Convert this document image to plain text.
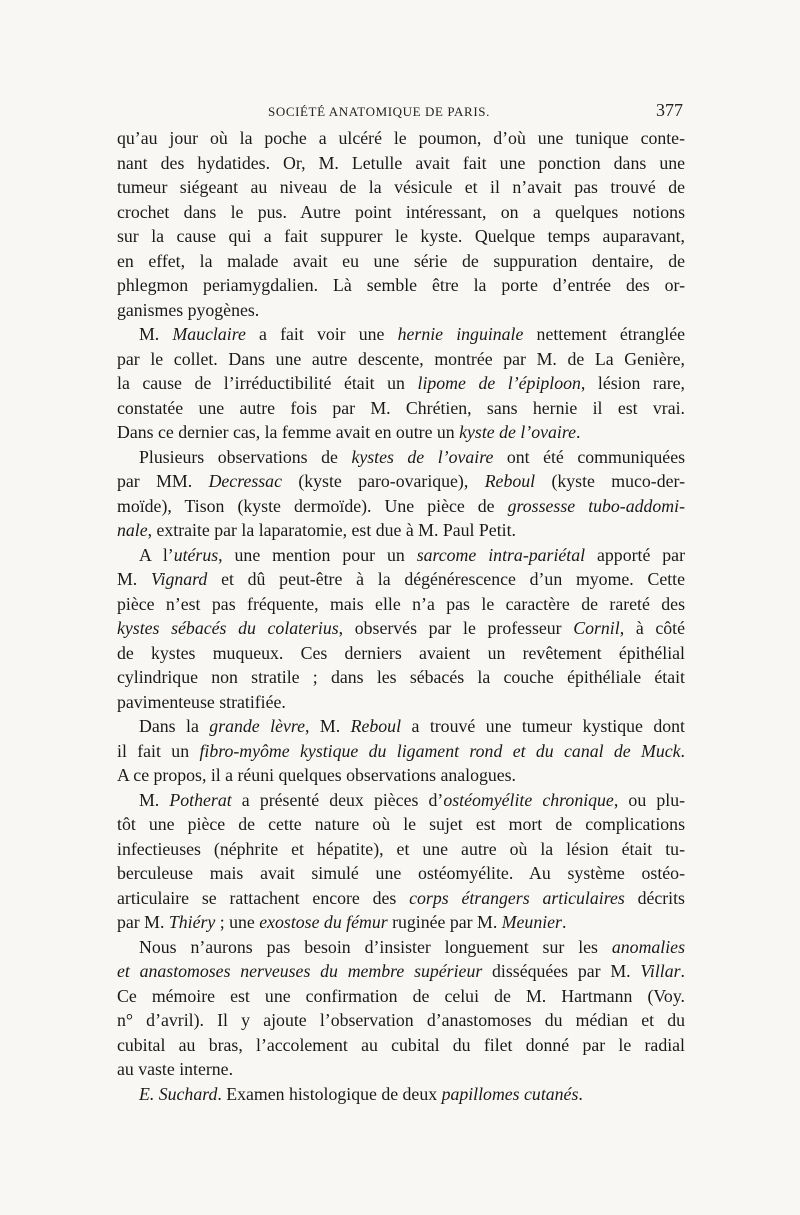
SOCIÉTÉ ANATOMIQUE DE PARIS.	377
qu’au jour où la poche a ulcéré le poumon, d’où une tunique conte-
nant des hydatides. Or, M. Letulle avait fait une ponction dans une
tumeur siégeant au niveau de la vésicule et il n’avait pas trouvé de
crochet dans le pus. Autre point intéressant, on a quelques notions
sur la cause qui a fait suppurer le kyste. Quelque temps auparavant,
en effet, la malade avait eu une série de suppuration dentaire, de
phlegmon periamygdalien. Là semble être la porte d’entrée des or-
ganismes pyogènes.
M. Mauclaire a fait voir une hernie inguinale nettement étranglée
par le collet. Dans une autre descente, montrée par M. de La Genière,
la cause de l’irréductibilité était un lipome de l’épiploon, lésion rare,
constatée une autre fois par M. Chrétien, sans hernie il est vrai.
Dans ce dernier cas, la femme avait en outre un kyste de l’ovaire.
Plusieurs observations de kystes de l’ovaire ont été communiquées
par MM. Decressac (kyste paro-ovarique), Reboul (kyste muco-der-
moïde), Tison (kyste dermoïde). Une pièce de grossesse tubo-addomi-
nale, extraite par la laparatomie, est due à M. Paul Petit.
A l’utérus, une mention pour un sarcome intra-pariétal apporté par
M. Vignard et dû peut-être à la dégénérescence d’un myome. Cette
pièce n’est pas fréquente, mais elle n’a pas le caractère de rareté des
kystes sébacés du colaterius, observés par le professeur Cornil, à côté
de kystes muqueux. Ces derniers avaient un revêtement épithélial
cylindrique non stratile ; dans les sébacés la couche épithéliale était
pavimenteuse stratifiée.
Dans la grande lèvre, M. Reboul a trouvé une tumeur kystique dont
il fait un fibro-myôme kystique du ligament rond et du canal de Muck.
A ce propos, il a réuni quelques observations analogues.
M. Potherat a présenté deux pièces d’ostéomyélite chronique, ou plu-
tôt une pièce de cette nature où le sujet est mort de complications
infectieuses (néphrite et hépatite), et une autre où la lésion était tu-
berculeuse mais avait simulé une ostéomyélite. Au système ostéo-
articulaire se rattachent encore des corps étrangers articulaires décrits
par M. Thiéry ; une exostose du fémur ruginée par M. Meunier.
Nous n’aurons pas besoin d’insister longuement sur les anomalies
et anastomoses nerveuses du membre supérieur disséquées par M. Villar.
Ce mémoire est une confirmation de celui de M. Hartmann (Voy.
n° d’avril). Il y ajoute l’observation d’anastomoses du médian et du
cubital au bras, l’accolement au cubital du filet donné par le radial
au vaste interne.
E. Suchard. Examen histologique de deux papillomes cutanés.
